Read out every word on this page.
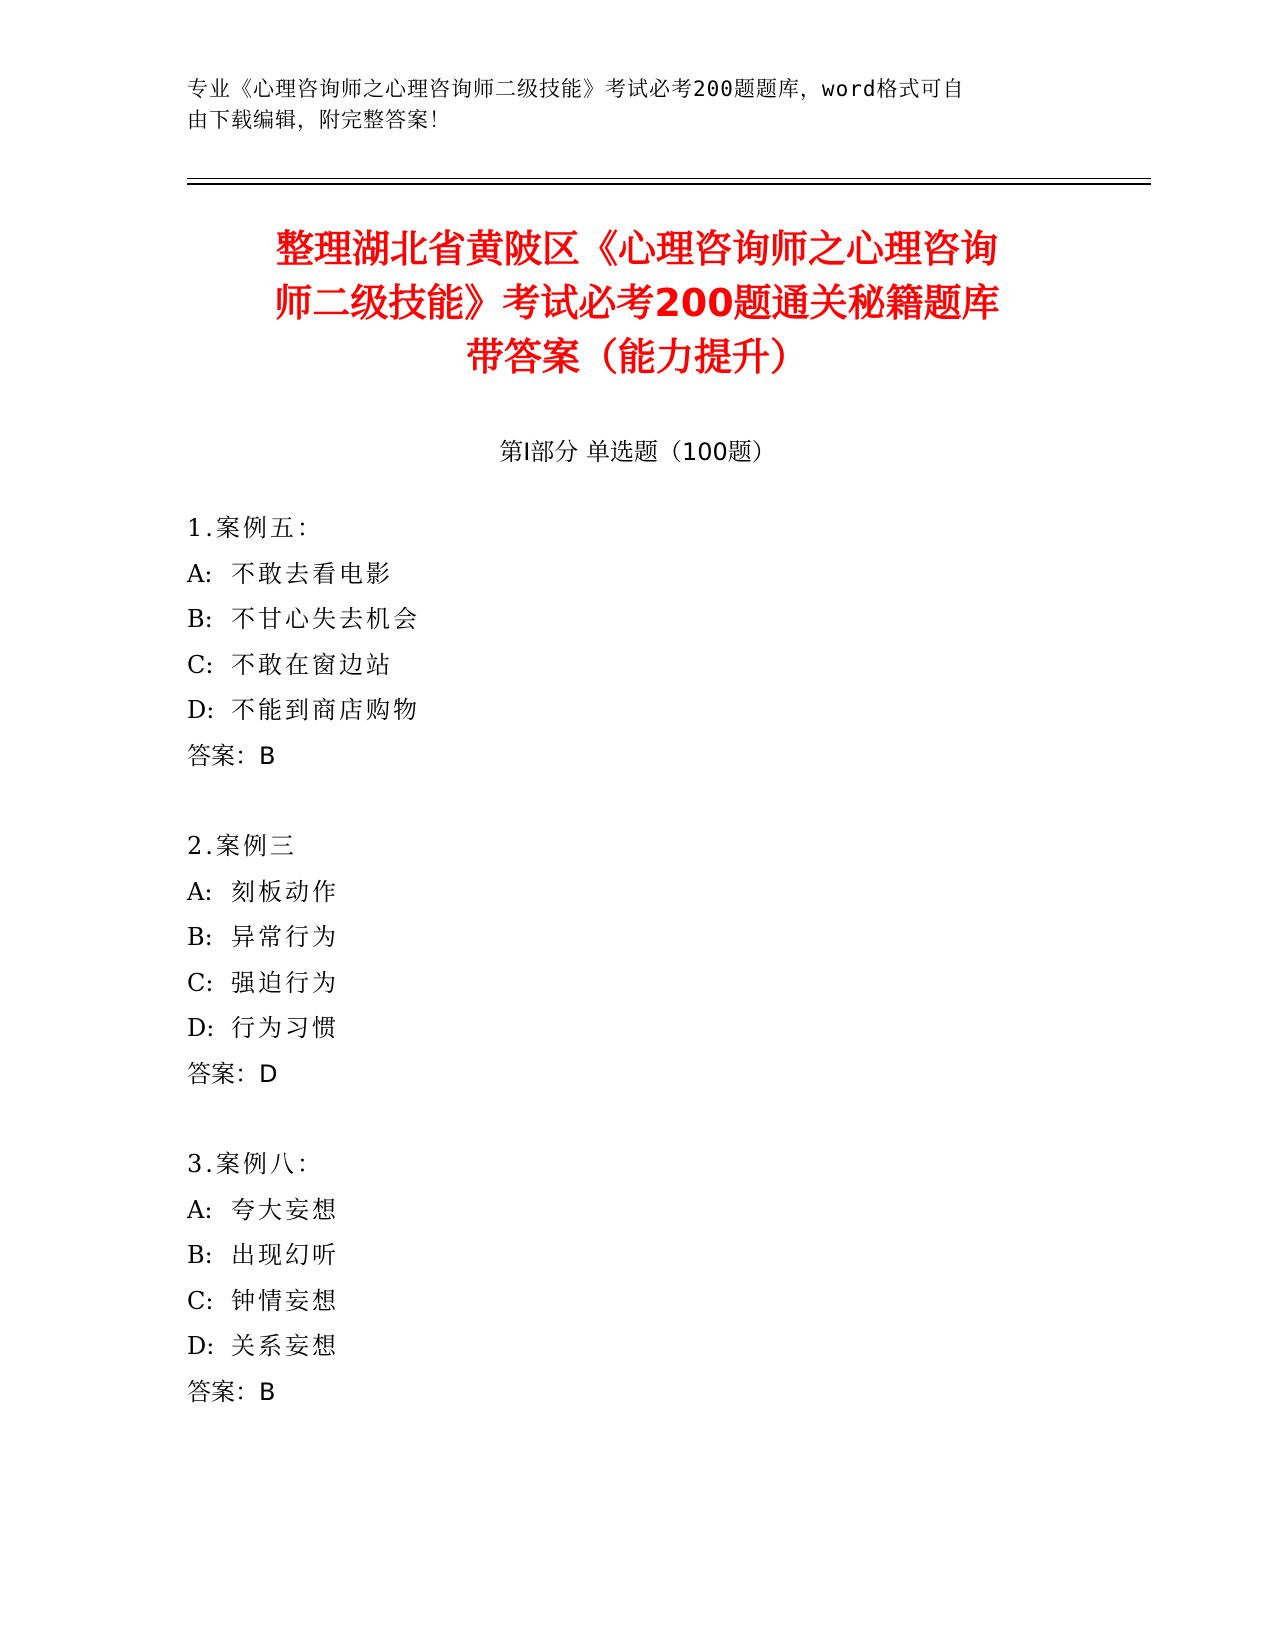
专业《心理咨询师之心理咨询师二级技能》考试必考200题题库，word格式可自
由下载编辑，附完整答案！
整理湖北省黄陂区《心理咨询师之心理咨询
师二级技能》考试必考200题通关秘籍题库
带答案（能力提升）
第Ⅰ部分 单选题（100题）
1.案例五：
A: 不敢去看电影
B: 不甘心失去机会
C: 不敢在窗边站
D: 不能到商店购物
答案：B
2.案例三
A: 刻板动作
B: 异常行为
C: 强迫行为
D: 行为习惯
答案：D
3.案例八：
A: 夸大妄想
B: 出现幻听
C: 钟情妄想
D: 关系妄想
答案：B
